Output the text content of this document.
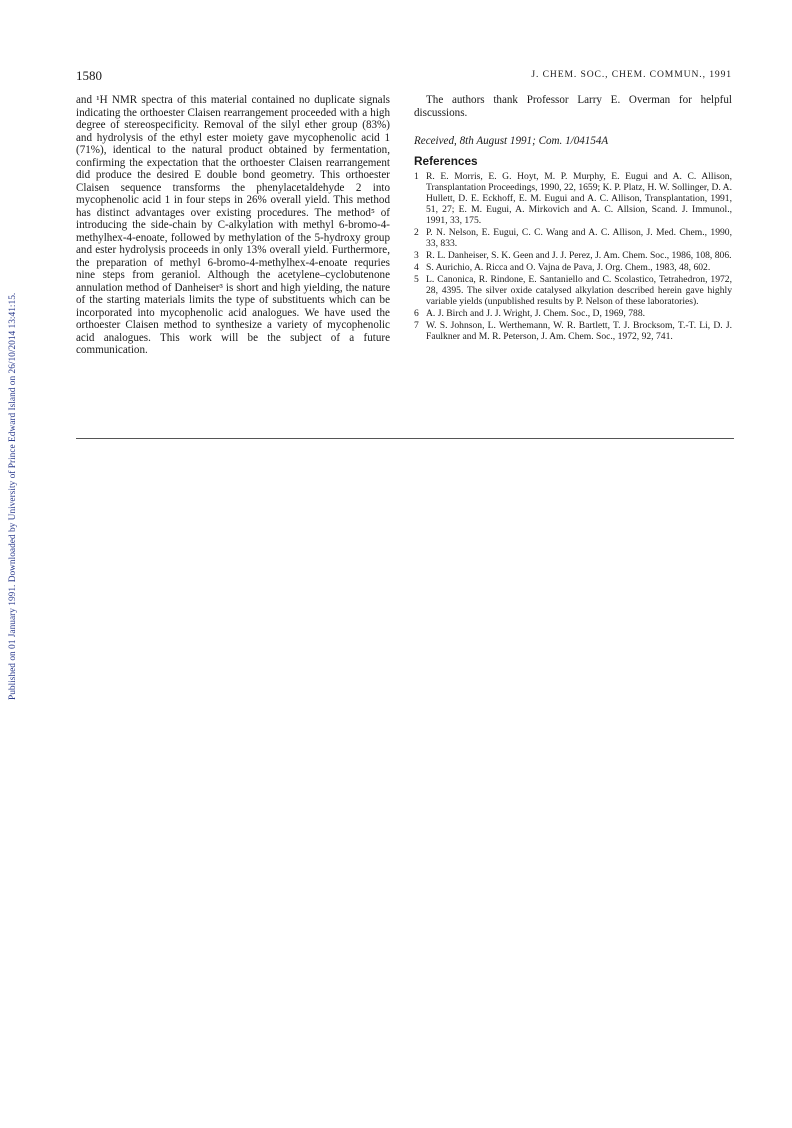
Published on 01 January 1991. Downloaded by University of Prince Edward Island on 26/10/2014 13:41:15.
1580	J. CHEM. SOC., CHEM. COMMUN., 1991

and ¹H NMR spectra of this material contained no duplicate signals indicating the orthoester Claisen rearrangement proceeded with a high degree of stereospecificity. Removal of the silyl ether group (83%) and hydrolysis of the ethyl ester moiety gave mycophenolic acid 1 (71%), identical to the natural product obtained by fermentation, confirming the expectation that the orthoester Claisen rearrangement did produce the desired E double bond geometry. This orthoester Claisen sequence transforms the phenylacetaldehyde 2 into mycophenolic acid 1 in four steps in 26% overall yield. This method has distinct advantages over existing procedures. The method⁵ of introducing the side-chain by C-alkylation with methyl 6-bromo-4-methylhex-4-enoate, followed by methylation of the 5-hydroxy group and ester hydrolysis proceeds in only 13% overall yield. Furthermore, the preparation of methyl 6-bromo-4-methylhex-4-enoate requries nine steps from geraniol. Although the acetylene–cyclobutenone annulation method of Danheiser³ is short and high yielding, the nature of the starting materials limits the type of substituents which can be incorporated into mycophenolic acid analogues. We have used the orthoester Claisen method to synthesize a variety of mycophenolic acid analogues. This work will be the subject of a future communication.

The authors thank Professor Larry E. Overman for helpful discussions.

Received, 8th August 1991; Com. 1/04154A

References
1 R. E. Morris, E. G. Hoyt, M. P. Murphy, E. Eugui and A. C. Allison, Transplantation Proceedings, 1990, 22, 1659; K. P. Platz, H. W. Sollinger, D. A. Hullett, D. E. Eckhoff, E. M. Eugui and A. C. Allison, Transplantation, 1991, 51, 27; E. M. Eugui, A. Mirkovich and A. C. Allsion, Scand. J. Immunol., 1991, 33, 175.
2 P. N. Nelson, E. Eugui, C. C. Wang and A. C. Allison, J. Med. Chem., 1990, 33, 833.
3 R. L. Danheiser, S. K. Geen and J. J. Perez, J. Am. Chem. Soc., 1986, 108, 806.
4 S. Aurichio, A. Ricca and O. Vajna de Pava, J. Org. Chem., 1983, 48, 602.
5 L. Canonica, R. Rindone, E. Santaniello and C. Scolastico, Tetrahedron, 1972, 28, 4395. The silver oxide catalysed alkylation described herein gave highly variable yields (unpublished results by P. Nelson of these laboratories).
6 A. J. Birch and J. J. Wright, J. Chem. Soc., D, 1969, 788.
7 W. S. Johnson, L. Werthemann, W. R. Bartlett, T. J. Brocksom, T.-T. Li, D. J. Faulkner and M. R. Peterson, J. Am. Chem. Soc., 1972, 92, 741.
